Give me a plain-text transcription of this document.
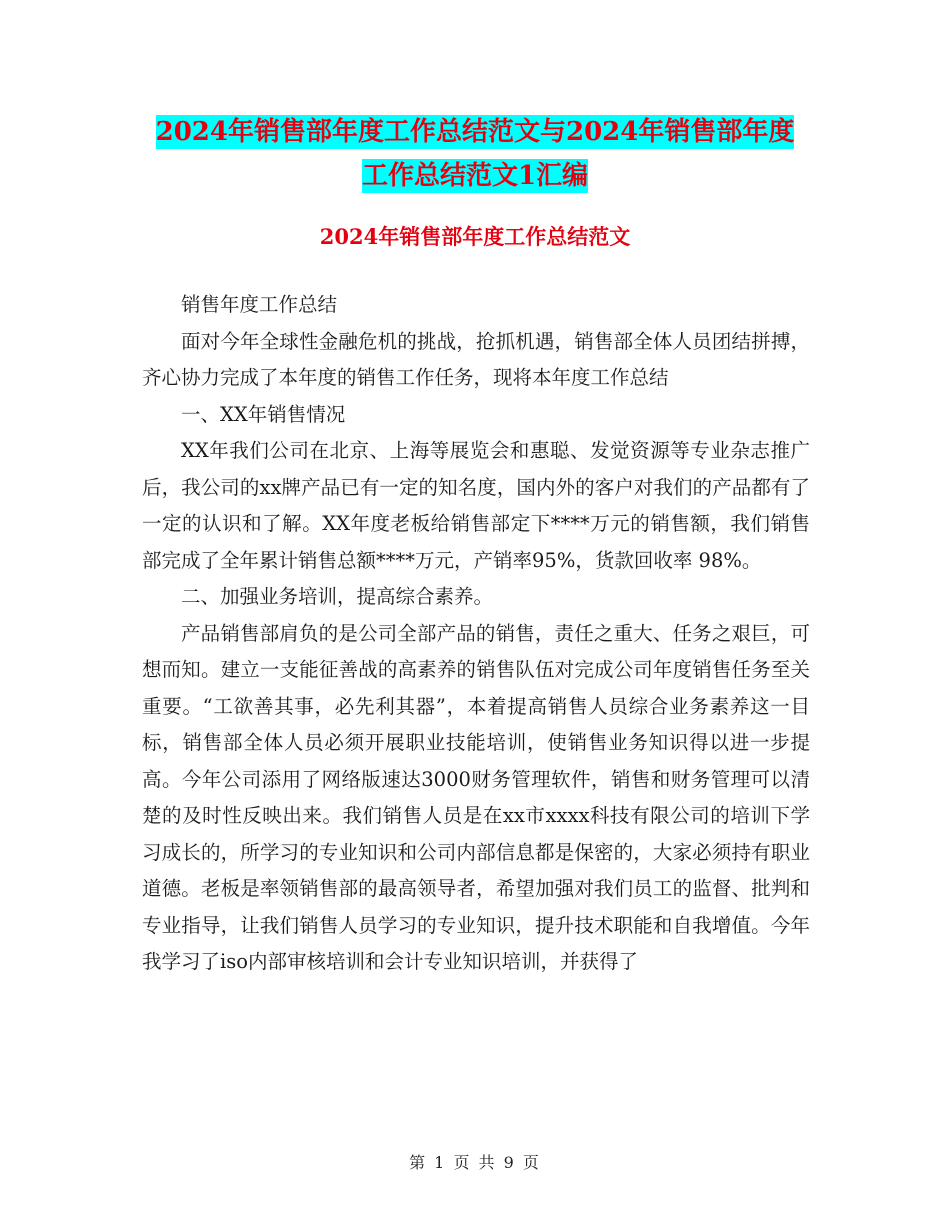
2024年销售部年度工作总结范文与2024年销售部年度
工作总结范文1汇编
2024年销售部年度工作总结范文

销售年度工作总结

面对今年全球性金融危机的挑战，抢抓机遇，销售部全体人员团结拼搏，齐心协力完成了本年度的销售工作任务，现将本年度工作总结

一、XX年销售情况

XX年我们公司在北京、上海等展览会和惠聪、发觉资源等专业杂志推广后，我公司的xx牌产品已有一定的知名度，国内外的客户对我们的产品都有了一定的认识和了解。XX年度老板给销售部定下****万元的销售额，我们销售部完成了全年累计销售总额****万元，产销率95%，货款回收率 98%。

二、加强业务培训，提高综合素养。

产品销售部肩负的是公司全部产品的销售，责任之重大、任务之艰巨，可想而知。建立一支能征善战的高素养的销售队伍对完成公司年度销售任务至关重要。“工欲善其事，必先利其器”，本着提高销售人员综合业务素养这一目标，销售部全体人员必须开展职业技能培训，使销售业务知识得以进一步提高。今年公司添用了网络版速达3000财务管理软件，销售和财务管理可以清楚的及时性反映出来。我们销售人员是在xx市xxxx科技有限公司的培训下学习成长的，所学习的专业知识和公司内部信息都是保密的，大家必须持有职业道德。老板是率领销售部的最高领导者，希望加强对我们员工的监督、批判和专业指导，让我们销售人员学习的专业知识，提升技术职能和自我增值。今年我学习了iso内部审核培训和会计专业知识培训，并获得了

第 1 页 共 9 页
